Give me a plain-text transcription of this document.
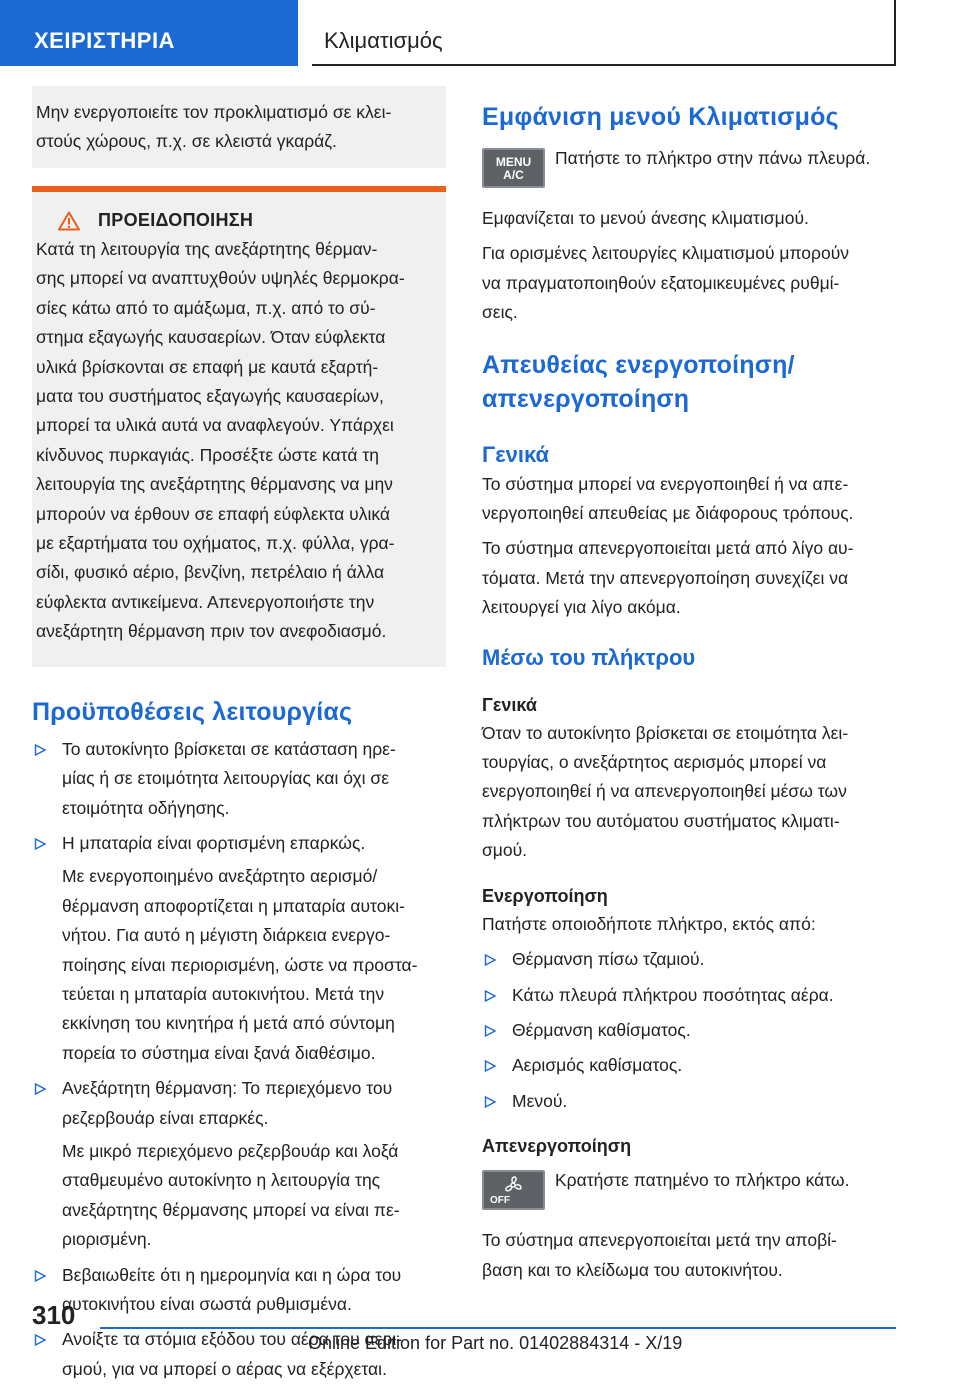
ΧΕΙΡΙΣΤΗΡΙΑ	Κλιματισμός

Μην ενεργοποιείτε τον προκλιματισμό σε κλει-
στούς χώρους, π.χ. σε κλειστά γκαράζ.

ΠΡΟΕΙΔΟΠΟΙΗΣΗ

Κατά τη λειτουργία της ανεξάρτητης θέρμαν-
σης μπορεί να αναπτυχθούν υψηλές θερμοκρα-
σίες κάτω από το αμάξωμα, π.χ. από το σύ-
στημα εξαγωγής καυσαερίων. Όταν εύφλεκτα
υλικά βρίσκονται σε επαφή με καυτά εξαρτή-
ματα του συστήματος εξαγωγής καυσαερίων,
μπορεί τα υλικά αυτά να αναφλεγούν. Υπάρχει
κίνδυνος πυρκαγιάς. Προσέξτε ώστε κατά τη
λειτουργία της ανεξάρτητης θέρμανσης να μην
μπορούν να έρθουν σε επαφή εύφλεκτα υλικά
με εξαρτήματα του οχήματος, π.χ. φύλλα, γρα-
σίδι, φυσικό αέριο, βενζίνη, πετρέλαιο ή άλλα
εύφλεκτα αντικείμενα. Απενεργοποιήστε την
ανεξάρτητη θέρμανση πριν τον ανεφοδιασμό.

Προϋποθέσεις λειτουργίας

Το αυτοκίνητο βρίσκεται σε κατάσταση ηρε-
μίας ή σε ετοιμότητα λειτουργίας και όχι σε
ετοιμότητα οδήγησης.

Η μπαταρία είναι φορτισμένη επαρκώς.

Με ενεργοποιημένο ανεξάρτητο αερισμό/
θέρμανση αποφορτίζεται η μπαταρία αυτοκι-
νήτου. Για αυτό η μέγιστη διάρκεια ενεργο-
ποίησης είναι περιορισμένη, ώστε να προστα-
τεύεται η μπαταρία αυτοκινήτου. Μετά την
εκκίνηση του κινητήρα ή μετά από σύντομη
πορεία το σύστημα είναι ξανά διαθέσιμο.

Ανεξάρτητη θέρμανση: Το περιεχόμενο του
ρεζερβουάρ είναι επαρκές.

Με μικρό περιεχόμενο ρεζερβουάρ και λοξά
σταθμευμένο αυτοκίνητο η λειτουργία της
ανεξάρτητης θέρμανσης μπορεί να είναι πε-
ριορισμένη.

Βεβαιωθείτε ότι η ημερομηνία και η ώρα του
αυτοκινήτου είναι σωστά ρυθμισμένα.

Ανοίξτε τα στόμια εξόδου του αέρα του αερι-
σμού, για να μπορεί ο αέρας να εξέρχεται.

Εμφάνιση μενού Κλιματισμός
MENU
A/C

Πατήστε το πλήκτρο στην πάνω πλευρά.

Εμφανίζεται το μενού άνεσης κλιματισμού.

Για ορισμένες λειτουργίες κλιματισμού μπορούν
να πραγματοποιηθούν εξατομικευμένες ρυθμί-
σεις.

Απευθείας ενεργοποίηση/
απενεργοποίηση
Γενικά

Το σύστημα μπορεί να ενεργοποιηθεί ή να απε-
νεργοποιηθεί απευθείας με διάφορους τρόπους.

Το σύστημα απενεργοποιείται μετά από λίγο αυ-
τόματα. Μετά την απενεργοποίηση συνεχίζει να
λειτουργεί για λίγο ακόμα.

Μέσω του πλήκτρου
Γενικά

Όταν το αυτοκίνητο βρίσκεται σε ετοιμότητα λει-
τουργίας, ο ανεξάρτητος αερισμός μπορεί να
ενεργοποιηθεί ή να απενεργοποιηθεί μέσω των
πλήκτρων του αυτόματου συστήματος κλιματι-
σμού.

Ενεργοποίηση

Πατήστε οποιοδήποτε πλήκτρο, εκτός από:

Θέρμανση πίσω τζαμιού.

Κάτω πλευρά πλήκτρου ποσότητας αέρα.

Θέρμανση καθίσματος.

Αερισμός καθίσματος.

Μενού.

Απενεργοποίηση
OFF

Κρατήστε πατημένο το πλήκτρο κάτω.

Το σύστημα απενεργοποιείται μετά την αποβί-
βαση και το κλείδωμα του αυτοκινήτου.

310
Online Edition for Part no. 01402884314 - X/19
